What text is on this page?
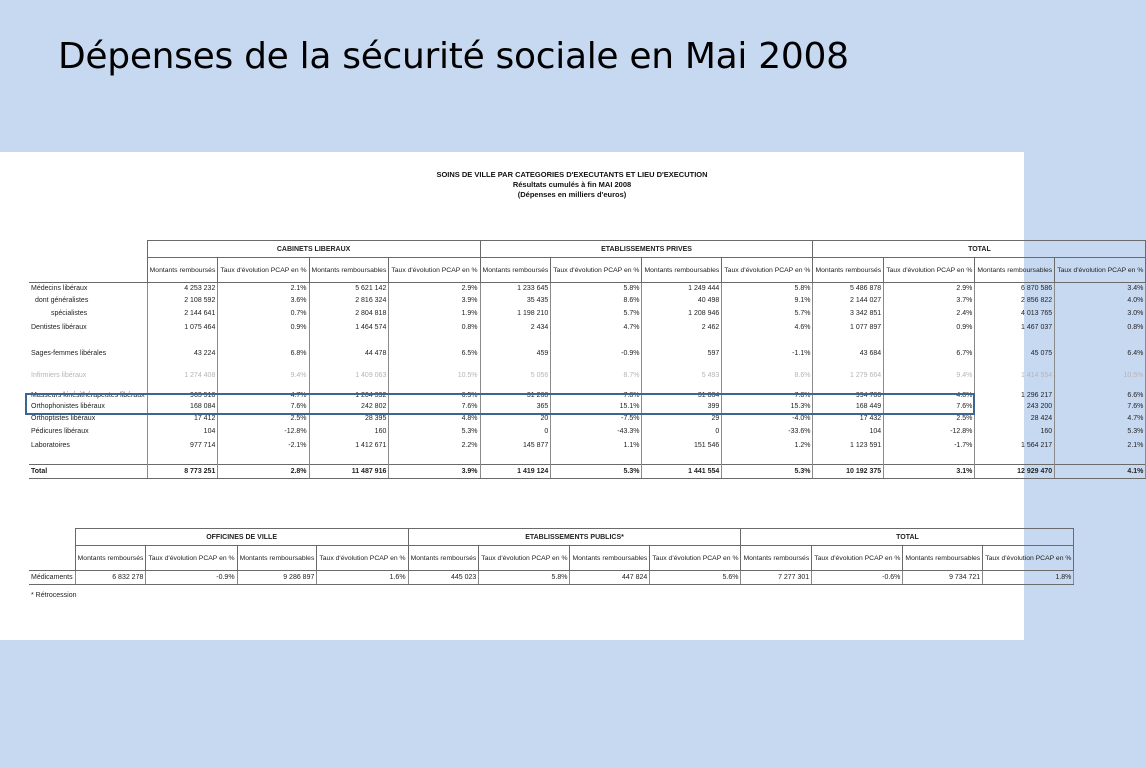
Dépenses de la sécurité sociale en Mai 2008
SOINS DE VILLE PAR CATEGORIES D'EXECUTANTS ET LIEU D'EXECUTION
Résultats cumulés à fin MAI 2008
(Dépenses en milliers d'euros)
	CABINETS LIBERAUX				ETABLISSEMENTS PRIVES				TOTAL			
	Montants remboursés	Taux d'évolution PCAP en %	Montants remboursables	Taux d'évolution PCAP en %	Montants remboursés	Taux d'évolution PCAP en %	Montants remboursables	Taux d'évolution PCAP en %	Montants remboursés	Taux d'évolution PCAP en %	Montants remboursables	Taux d'évolution PCAP en %
Médecins libéraux	4 253 232	2.1%	5 621 142	2.9%	1 233 645	5.8%	1 249 444	5.8%	5 486 878	2.9%	6 870 586	3.4%
dont généralistes	2 108 592	3.6%	2 816 324	3.9%	35 435	8.6%	40 498	9.1%	2 144 027	3.7%	2 856 822	4.0%
spécialistes	2 144 641	0.7%	2 804 818	1.9%	1 198 210	5.7%	1 208 946	5.7%	3 342 851	2.4%	4 013 765	3.0%
Dentistes libéraux	1 075 464	0.9%	1 464 574	0.8%	2 434	4.7%	2 462	4.6%	1 077 897	0.9%	1 467 037	0.8%
Sages-femmes libérales	43 224	6.8%	44 478	6.5%	459	-0.9%	597	-1.1%	43 684	6.7%	45 075	6.4%
Infirmiers libéraux	1 274 408	9.4%	1 409 063	10.5%	5 056	8.7%	5 493	8.6%	1 279 664	9.4%	1 414 554	10.5%
Masseurs kinésithérapeutes libéraux	963 518	4.7%	1 264 332	6.5%	31 268	7.8%	31 884	7.8%	994 786	4.8%	1 296 217	6.6%
Orthophonistes libéraux	168 084	7.6%	242 802	7.6%	365	15.1%	399	15.3%	168 449	7.6%	243 200	7.6%
Orthoptistes libéraux	17 412	2.5%	28 395	4.8%	20	-7.5%	29	-4.0%	17 432	2.5%	28 424	4.7%
Pédicures libéraux	104	-12.8%	160	5.3%	0	-43.3%	0	-33.6%	104	-12.8%	160	5.3%
Laboratoires	977 714	-2.1%	1 412 671	2.2%	145 877	1.1%	151 546	1.2%	1 123 591	-1.7%	1 564 217	2.1%
Total	8 773 251	2.8%	11 487 916	3.9%	1 419 124	5.3%	1 441 554	5.3%	10 192 375	3.1%	12 929 470	4.1%
	OFFICINES DE VILLE				ETABLISSEMENTS PUBLICS*				TOTAL			
	Montants remboursés	Taux d'évolution PCAP en %	Montants remboursables	Taux d'évolution PCAP en %	Montants remboursés	Taux d'évolution PCAP en %	Montants remboursables	Taux d'évolution PCAP en %	Montants remboursés	Taux d'évolution PCAP en %	Montants remboursables	Taux d'évolution PCAP en %
Médicaments	6 832 278	-0.9%	9 286 897	1.6%	445 023	5.8%	447 824	5.6%	7 277 301	-0.6%	9 734 721	1.8%
* Rétrocession
